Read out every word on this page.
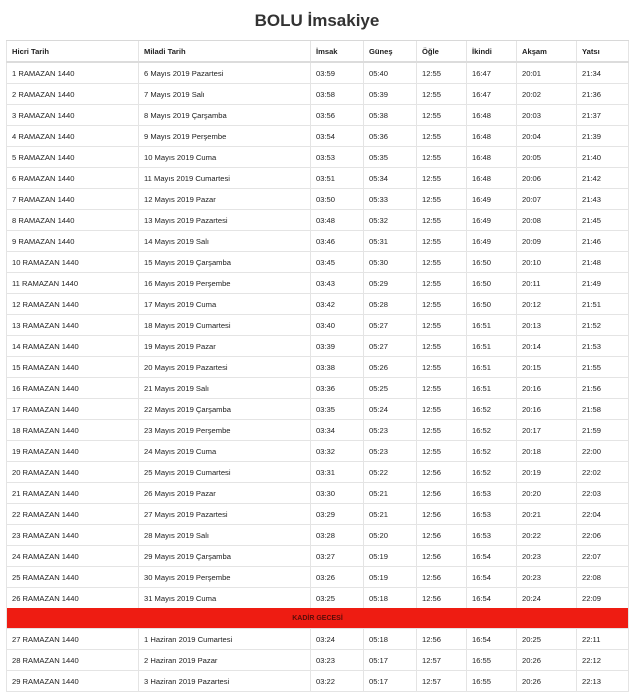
BOLU İmsakiye
Hicri Tarih	Miladi Tarih	İmsak	Güneş	Öğle	İkindi	Akşam	Yatsı
1 RAMAZAN 1440	6 Mayıs 2019 Pazartesi	03:59	05:40	12:55	16:47	20:01	21:34
2 RAMAZAN 1440	7 Mayıs 2019 Salı	03:58	05:39	12:55	16:47	20:02	21:36
3 RAMAZAN 1440	8 Mayıs 2019 Çarşamba	03:56	05:38	12:55	16:48	20:03	21:37
4 RAMAZAN 1440	9 Mayıs 2019 Perşembe	03:54	05:36	12:55	16:48	20:04	21:39
5 RAMAZAN 1440	10 Mayıs 2019 Cuma	03:53	05:35	12:55	16:48	20:05	21:40
6 RAMAZAN 1440	11 Mayıs 2019 Cumartesi	03:51	05:34	12:55	16:48	20:06	21:42
7 RAMAZAN 1440	12 Mayıs 2019 Pazar	03:50	05:33	12:55	16:49	20:07	21:43
8 RAMAZAN 1440	13 Mayıs 2019 Pazartesi	03:48	05:32	12:55	16:49	20:08	21:45
9 RAMAZAN 1440	14 Mayıs 2019 Salı	03:46	05:31	12:55	16:49	20:09	21:46
10 RAMAZAN 1440	15 Mayıs 2019 Çarşamba	03:45	05:30	12:55	16:50	20:10	21:48
11 RAMAZAN 1440	16 Mayıs 2019 Perşembe	03:43	05:29	12:55	16:50	20:11	21:49
12 RAMAZAN 1440	17 Mayıs 2019 Cuma	03:42	05:28	12:55	16:50	20:12	21:51
13 RAMAZAN 1440	18 Mayıs 2019 Cumartesi	03:40	05:27	12:55	16:51	20:13	21:52
14 RAMAZAN 1440	19 Mayıs 2019 Pazar	03:39	05:27	12:55	16:51	20:14	21:53
15 RAMAZAN 1440	20 Mayıs 2019 Pazartesi	03:38	05:26	12:55	16:51	20:15	21:55
16 RAMAZAN 1440	21 Mayıs 2019 Salı	03:36	05:25	12:55	16:51	20:16	21:56
17 RAMAZAN 1440	22 Mayıs 2019 Çarşamba	03:35	05:24	12:55	16:52	20:16	21:58
18 RAMAZAN 1440	23 Mayıs 2019 Perşembe	03:34	05:23	12:55	16:52	20:17	21:59
19 RAMAZAN 1440	24 Mayıs 2019 Cuma	03:32	05:23	12:55	16:52	20:18	22:00
20 RAMAZAN 1440	25 Mayıs 2019 Cumartesi	03:31	05:22	12:56	16:52	20:19	22:02
21 RAMAZAN 1440	26 Mayıs 2019 Pazar	03:30	05:21	12:56	16:53	20:20	22:03
22 RAMAZAN 1440	27 Mayıs 2019 Pazartesi	03:29	05:21	12:56	16:53	20:21	22:04
23 RAMAZAN 1440	28 Mayıs 2019 Salı	03:28	05:20	12:56	16:53	20:22	22:06
24 RAMAZAN 1440	29 Mayıs 2019 Çarşamba	03:27	05:19	12:56	16:54	20:23	22:07
25 RAMAZAN 1440	30 Mayıs 2019 Perşembe	03:26	05:19	12:56	16:54	20:23	22:08
26 RAMAZAN 1440	31 Mayıs 2019 Cuma	03:25	05:18	12:56	16:54	20:24	22:09
KADİR GECESİ							
27 RAMAZAN 1440	1 Haziran 2019 Cumartesi	03:24	05:18	12:56	16:54	20:25	22:11
28 RAMAZAN 1440	2 Haziran 2019 Pazar	03:23	05:17	12:57	16:55	20:26	22:12
29 RAMAZAN 1440	3 Haziran 2019 Pazartesi	03:22	05:17	12:57	16:55	20:26	22:13
